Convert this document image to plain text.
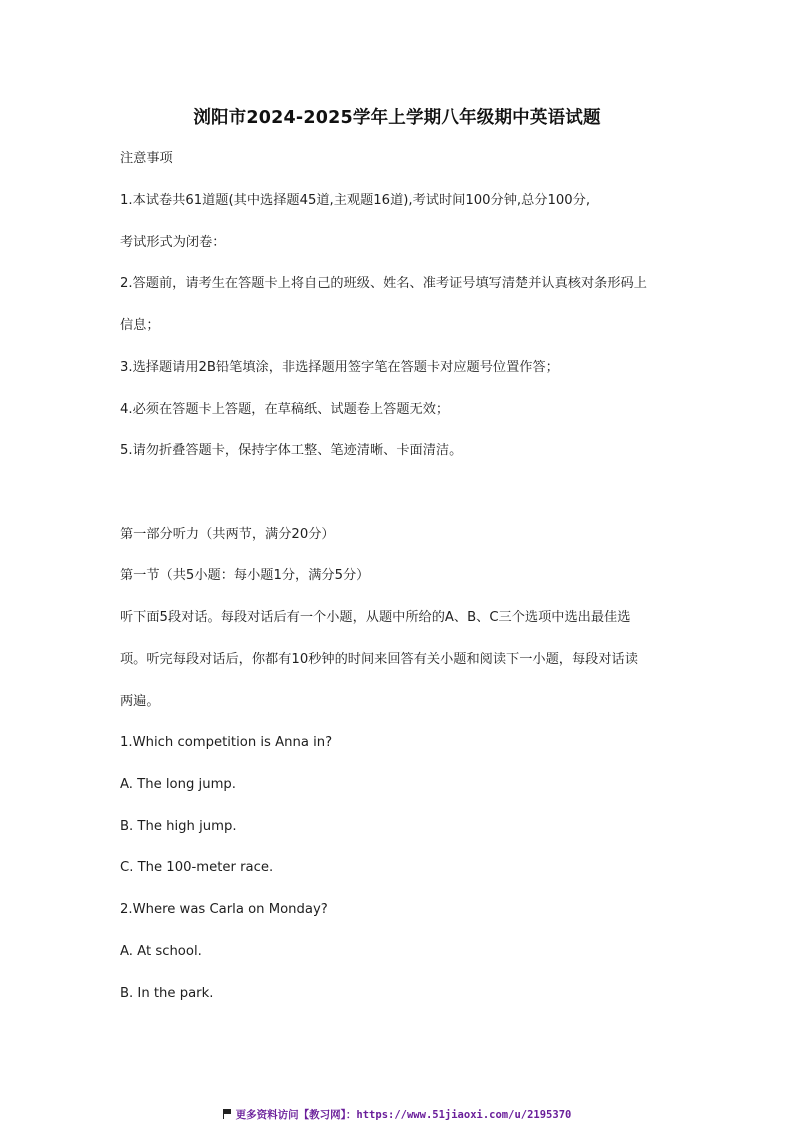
浏阳市2024-2025学年上学期八年级期中英语试题
注意事项
1.本试卷共61道题(其中选择题45道,主观题16道),考试时间100分钟,总分100分,
考试形式为闭卷：
2.答题前，请考生在答题卡上将自己的班级、姓名、准考证号填写清楚并认真核对条形码上
信息；
3.选择题请用2B铅笔填涂，非选择题用签字笔在答题卡对应题号位置作答；
4.必须在答题卡上答题，在草稿纸、试题卷上答题无效；
5.请勿折叠答题卡，保持字体工整、笔迹清晰、卡面清洁。
第一部分听力（共两节，满分20分）
第一节（共5小题：每小题1分，满分5分）
听下面5段对话。每段对话后有一个小题，从题中所给的A、B、C三个选项中选出最佳选
项。听完每段对话后，你都有10秒钟的时间来回答有关小题和阅读下一小题，每段对话读
两遍。
1.Which competition is Anna in?
A. The long jump.
B. The high jump.
C. The 100-meter race.
2.Where was Carla on Monday?
A. At school.
B. In the park.
更多资料访问【教习网】：https://www.51jiaoxi.com/u/2195370
